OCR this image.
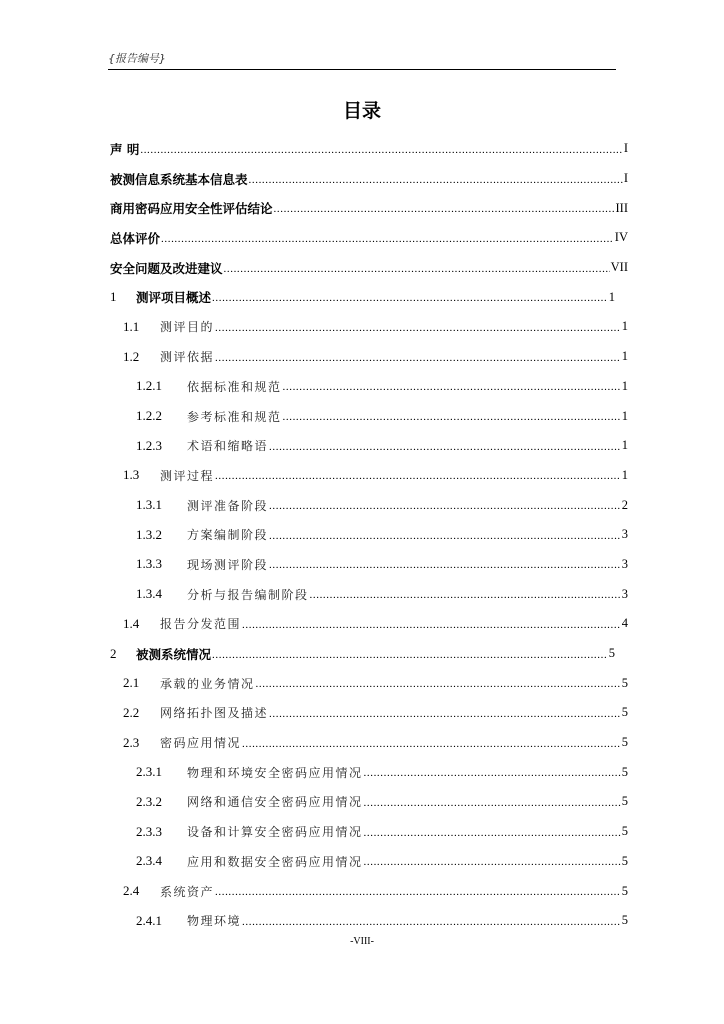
{报告编号}
目录
声 明 .....	I
被测信息系统基本信息表 .....	I
商用密码应用安全性评估结论 .....	III
总体评价 .....	IV
安全问题及改进建议 .....	VII
1	测评项目概述 .....	1
1.1	测评目的 .....	1
1.2	测评依据 .....	1
1.2.1	依据标准和规范 .....	1
1.2.2	参考标准和规范 .....	1
1.2.3	术语和缩略语 .....	1
1.3	测评过程 .....	1
1.3.1	测评准备阶段 .....	2
1.3.2	方案编制阶段 .....	3
1.3.3	现场测评阶段 .....	3
1.3.4	分析与报告编制阶段 .....	3
1.4	报告分发范围 .....	4
2	被测系统情况 .....	5
2.1	承载的业务情况 .....	5
2.2	网络拓扑图及描述 .....	5
2.3	密码应用情况 .....	5
2.3.1	物理和环境安全密码应用情况 .....	5
2.3.2	网络和通信安全密码应用情况 .....	5
2.3.3	设备和计算安全密码应用情况 .....	5
2.3.4	应用和数据安全密码应用情况 .....	5
2.4	系统资产 .....	5
2.4.1	物理环境 .....	5
-VIII-
